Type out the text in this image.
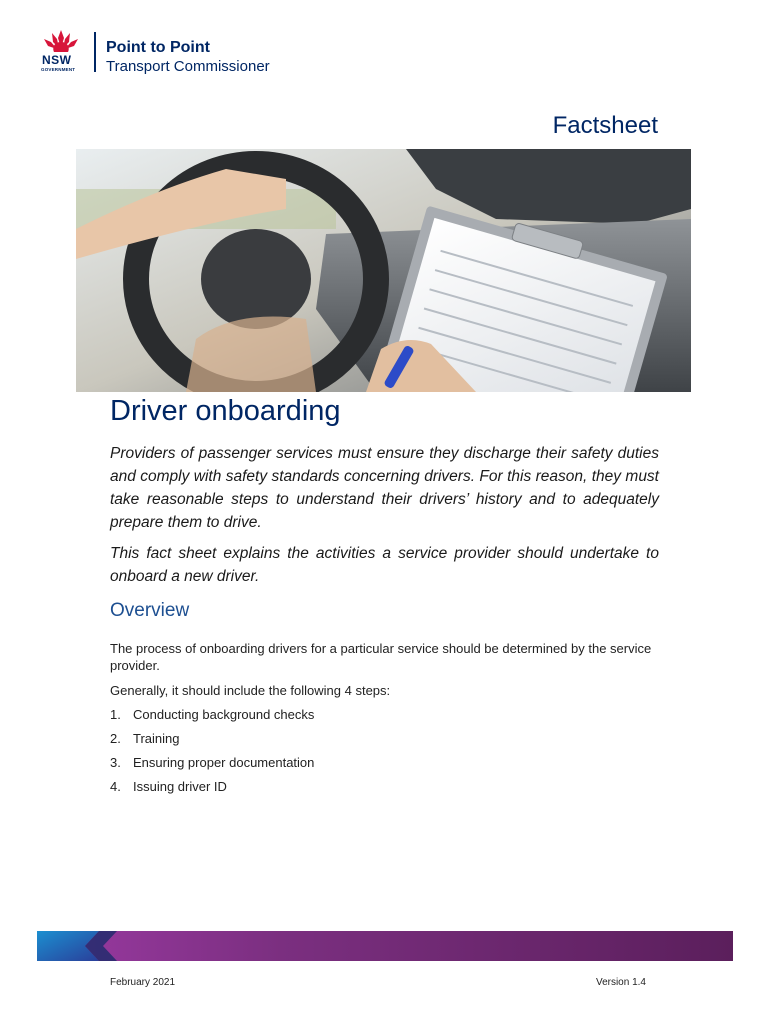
NSW
GOVERNMENT
Point to Point
Transport Commissioner
Factsheet
Driver onboarding

Providers of passenger services must ensure they discharge their safety duties and comply with safety standards concerning drivers. For this reason, they must take reasonable steps to understand their drivers’ history and to adequately prepare them to drive.

This fact sheet explains the activities a service provider should undertake to onboard a new driver.

Overview

The process of onboarding drivers for a particular service should be determined by the service provider.

Generally, it should include the following 4 steps:

1. Conducting background checks
2. Training
3. Ensuring proper documentation
4. Issuing driver ID
February 2021	Version 1.4
